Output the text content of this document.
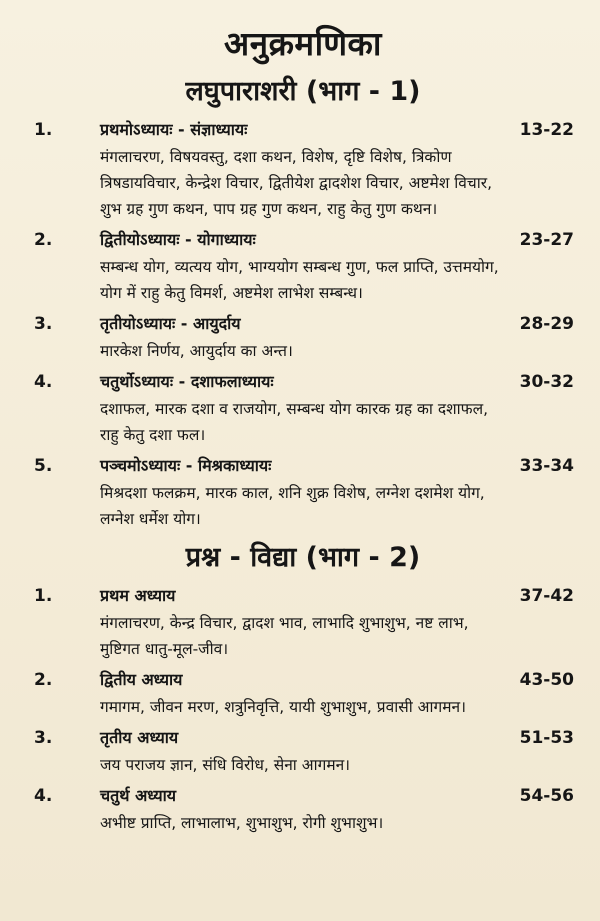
अनुक्रमणिका
लघुपाराशरी (भाग - 1)
1.	प्रथमोऽध्यायः - संज्ञाध्यायः	13-22

मंगलाचरण, विषयवस्तु, दशा कथन, विशेष, दृष्टि विशेष, त्रिकोण
त्रिषडायविचार, केन्द्रेश विचार, द्वितीयेश द्वादशेश विचार, अष्टमेश विचार,
शुभ ग्रह गुण कथन, पाप ग्रह गुण कथन, राहु केतु गुण कथन।

2.	द्वितीयोऽध्यायः - योगाध्यायः	23-27

सम्बन्ध योग, व्यत्यय योग, भाग्ययोग सम्बन्ध गुण, फल प्राप्ति, उत्तमयोग,
योग में राहु केतु विमर्श, अष्टमेश लाभेश सम्बन्ध।

3.	तृतीयोऽध्यायः - आयुर्दाय	28-29

मारकेश निर्णय, आयुर्दाय का अन्त।

4.	चतुर्थोऽध्यायः - दशाफलाध्यायः	30-32

दशाफल, मारक दशा व राजयोग, सम्बन्ध योग कारक ग्रह का दशाफल,
राहु केतु दशा फल।

5.	पञ्चमोऽध्यायः - मिश्रकाध्यायः	33-34

मिश्रदशा फलक्रम, मारक काल, शनि शुक्र विशेष, लग्नेश दशमेश योग,
लग्नेश धर्मेश योग।

प्रश्न - विद्या (भाग - 2)
1.	प्रथम अध्याय	37-42

मंगलाचरण, केन्द्र विचार, द्वादश भाव, लाभादि शुभाशुभ, नष्ट लाभ,
मुष्टिगत धातु-मूल-जीव।

2.	द्वितीय अध्याय	43-50

गमागम, जीवन मरण, शत्रुनिवृत्ति, यायी शुभाशुभ, प्रवासी आगमन।

3.	तृतीय अध्याय	51-53

जय पराजय ज्ञान, संधि विरोध, सेना आगमन।

4.	चतुर्थ अध्याय	54-56

अभीष्ट प्राप्ति, लाभालाभ, शुभाशुभ, रोगी शुभाशुभ।
